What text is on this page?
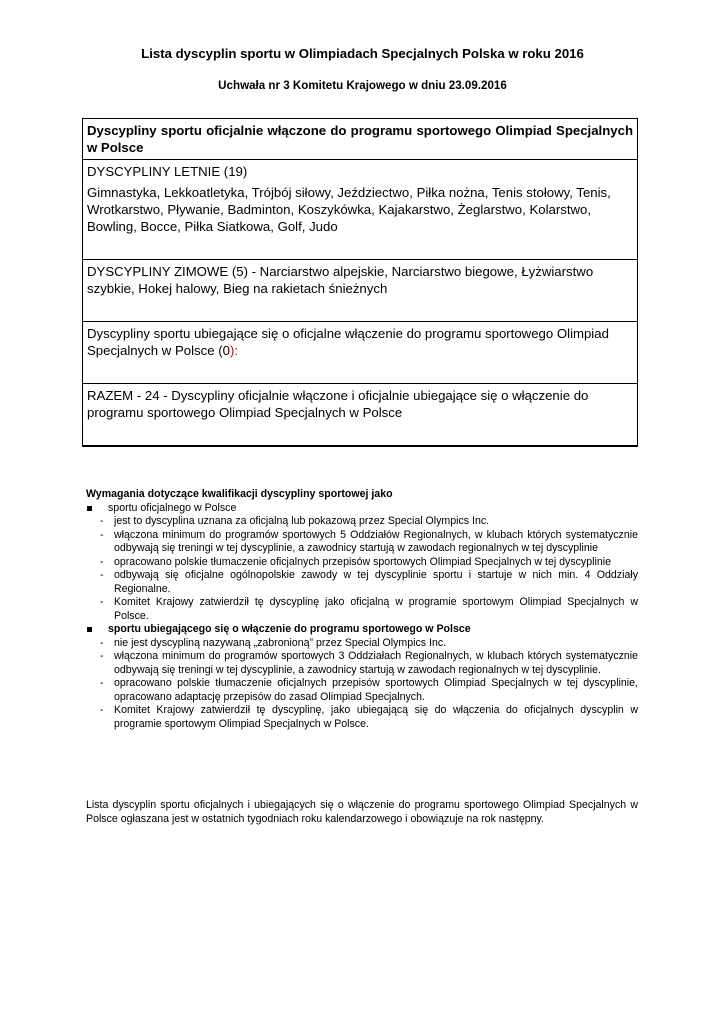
Lista dyscyplin sportu w Olimpiadach Specjalnych Polska w roku 2016
Uchwała nr 3 Komitetu Krajowego w dniu 23.09.2016
Dyscypliny sportu oficjalnie włączone do programu sportowego Olimpiad Specjalnych w Polsce
DYSCYPLINY LETNIE (19)
Gimnastyka, Lekkoatletyka, Trójbój siłowy, Jeździectwo, Piłka nożna, Tenis stołowy, Tenis, Wrotkarstwo, Pływanie, Badminton, Koszykówka, Kajakarstwo, Żeglarstwo, Kolarstwo, Bowling, Bocce, Piłka Siatkowa, Golf, Judo
DYSCYPLINY ZIMOWE (5) - Narciarstwo alpejskie, Narciarstwo biegowe, Łyżwiarstwo szybkie, Hokej halowy, Bieg na rakietach śnieżnych
Dyscypliny sportu ubiegające się o oficjalne włączenie do programu sportowego Olimpiad Specjalnych w Polsce (0):
RAZEM - 24 - Dyscypliny oficjalnie włączone i oficjalnie ubiegające się o włączenie do programu sportowego Olimpiad Specjalnych w Polsce
Wymagania dotyczące kwalifikacji dyscypliny sportowej jako
sportu oficjalnego w Polsce
- jest to dyscyplina uznana za oficjalną lub pokazową przez Special Olympics Inc.
- włączona minimum do programów sportowych 5 Oddziałów Regionalnych, w klubach których systematycznie odbywają się treningi w tej dyscyplinie, a zawodnicy startują w zawodach regionalnych w tej dyscyplinie
- opracowano polskie tłumaczenie oficjalnych przepisów sportowych Olimpiad Specjalnych w tej dyscyplinie
- odbywają się oficjalne ogólnopolskie zawody w tej dyscyplinie sportu i startuje w nich min. 4 Oddziały Regionalne.
- Komitet Krajowy zatwierdził tę dyscyplinę jako oficjalną w programie sportowym Olimpiad Specjalnych w Polsce.
sportu ubiegającego się o włączenie do programu sportowego w Polsce
- nie jest dyscypliną nazywaną „zabronioną” przez Special Olympics Inc.
- włączona minimum do programów sportowych 3 Oddziałach Regionalnych, w klubach których systematycznie odbywają się treningi w tej dyscyplinie, a zawodnicy startują w zawodach regionalnych w tej dyscyplinie.
- opracowano polskie tłumaczenie oficjalnych przepisów sportowych Olimpiad Specjalnych w tej dyscyplinie, opracowano adaptację przepisów do zasad Olimpiad Specjalnych.
- Komitet Krajowy zatwierdził tę dyscyplinę, jako ubiegającą się do włączenia do oficjalnych dyscyplin w programie sportowym Olimpiad Specjalnych w Polsce.
Lista dyscyplin sportu oficjalnych i ubiegających się o włączenie do programu sportowego Olimpiad Specjalnych w Polsce ogłaszana jest w ostatnich tygodniach roku kalendarzowego i obowiązuje na rok następny.
